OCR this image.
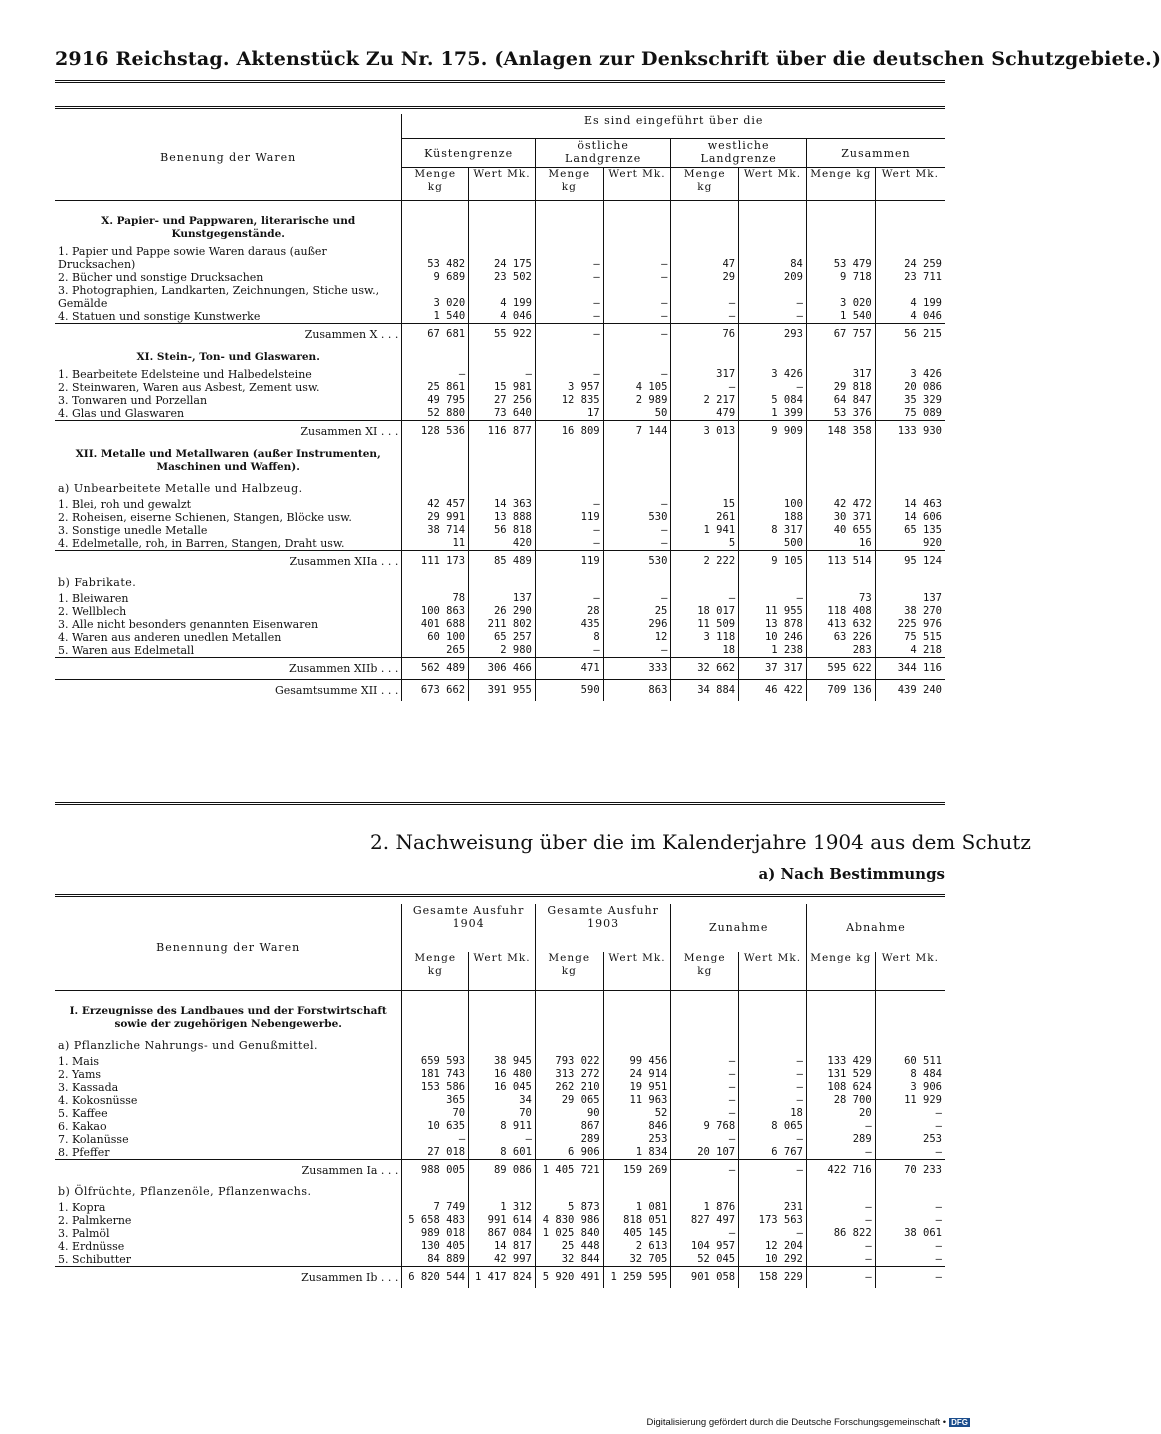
2916 Reichstag. Aktenstück Zu Nr. 175. (Anlagen zur Denkschrift über die deutschen Schutzgebiete.)
Benenung der Waren	Es sind eingeführt über die							
	Küstengrenze		östliche Landgrenze		westliche Landgrenze		Zusammen	
	Menge kg	Wert Mk.	Menge kg	Wert Mk.	Menge kg	Wert Mk.	Menge kg	Wert Mk.

X. Papier- und Pappwaren, literarische und Kunstgegenstände.								
1. Papier und Pappe sowie Waren daraus (außer Drucksachen)	53 482	24 175	—	—	47	84	53 479	24 259
2. Bücher und sonstige Drucksachen	9 689	23 502	—	—	29	209	9 718	23 711
3. Photographien, Landkarten, Zeichnungen, Stiche usw., Gemälde	3 020	4 199	—	—	—	—	3 020	4 199
4. Statuen und sonstige Kunstwerke	1 540	4 046	—	—	—	—	1 540	4 046
Zusammen X . . .	67 681	55 922	—	—	76	293	67 757	56 215
XI. Stein-, Ton- und Glaswaren.								
1. Bearbeitete Edelsteine und Halbedelsteine	—	—	—	—	317	3 426	317	3 426
2. Steinwaren, Waren aus Asbest, Zement usw.	25 861	15 981	3 957	4 105	—	—	29 818	20 086
3. Tonwaren und Porzellan	49 795	27 256	12 835	2 989	2 217	5 084	64 847	35 329
4. Glas und Glaswaren	52 880	73 640	17	50	479	1 399	53 376	75 089
Zusammen XI . . .	128 536	116 877	16 809	7 144	3 013	9 909	148 358	133 930
XII. Metalle und Metallwaren (außer Instrumenten, Maschinen und Waffen).								
a) Unbearbeitete Metalle und Halbzeug.								
1. Blei, roh und gewalzt	42 457	14 363	—	—	15	100	42 472	14 463
2. Roheisen, eiserne Schienen, Stangen, Blöcke usw.	29 991	13 888	119	530	261	188	30 371	14 606
3. Sonstige unedle Metalle	38 714	56 818	—	—	1 941	8 317	40 655	65 135
4. Edelmetalle, roh, in Barren, Stangen, Draht usw.	11	420	—	—	5	500	16	920
Zusammen XIIa . . .	111 173	85 489	119	530	2 222	9 105	113 514	95 124
b) Fabrikate.								
1. Bleiwaren	78	137	—	—	—	—	73	137
2. Wellblech	100 863	26 290	28	25	18 017	11 955	118 408	38 270
3. Alle nicht besonders genannten Eisenwaren	401 688	211 802	435	296	11 509	13 878	413 632	225 976
4. Waren aus anderen unedlen Metallen	60 100	65 257	8	12	3 118	10 246	63 226	75 515
5. Waren aus Edelmetall	265	2 980	—	—	18	1 238	283	4 218
Zusammen XIIb . . .	562 489	306 466	471	333	32 662	37 317	595 622	344 116
Gesamtsumme XII . . .	673 662	391 955	590	863	34 884	46 422	709 136	439 240
2. Nachweisung über die im Kalenderjahre 1904 aus dem Schutz
a) Nach Bestimmungs
Benennung der Waren	Gesamte Ausfuhr 1904		Gesamte Ausfuhr 1903		Zunahme		Abnahme	
	Menge kg	Wert Mk.	Menge kg	Wert Mk.	Menge kg	Wert Mk.	Menge kg	Wert Mk.

I. Erzeugnisse des Landbaues und der Forstwirtschaft sowie der zugehörigen Nebengewerbe.								
a) Pflanzliche Nahrungs- und Genußmittel.								
1. Mais	659 593	38 945	793 022	99 456	—	—	133 429	60 511
2. Yams	181 743	16 480	313 272	24 914	—	—	131 529	8 484
3. Kassada	153 586	16 045	262 210	19 951	—	—	108 624	3 906
4. Kokosnüsse	365	34	29 065	11 963	—	—	28 700	11 929
5. Kaffee	70	70	90	52	—	18	20	—
6. Kakao	10 635	8 911	867	846	9 768	8 065	—	—
7. Kolanüsse	—	—	289	253	—	—	289	253
8. Pfeffer	27 018	8 601	6 906	1 834	20 107	6 767	—	—
Zusammen Ia . . .	988 005	89 086	1 405 721	159 269	—	—	422 716	70 233
b) Ölfrüchte, Pflanzenöle, Pflanzenwachs.								
1. Kopra	7 749	1 312	5 873	1 081	1 876	231	—	—
2. Palmkerne	5 658 483	991 614	4 830 986	818 051	827 497	173 563	—	—
3. Palmöl	989 018	867 084	1 025 840	405 145	—	—	86 822	38 061
4. Erdnüsse	130 405	14 817	25 448	2 613	104 957	12 204	—	—
5. Schibutter	84 889	42 997	32 844	32 705	52 045	10 292	—	—
Zusammen Ib . . .	6 820 544	1 417 824	5 920 491	1 259 595	901 058	158 229	—	—
Digitalisierung gefördert durch die Deutsche Forschungsgemeinschaft • DFG
